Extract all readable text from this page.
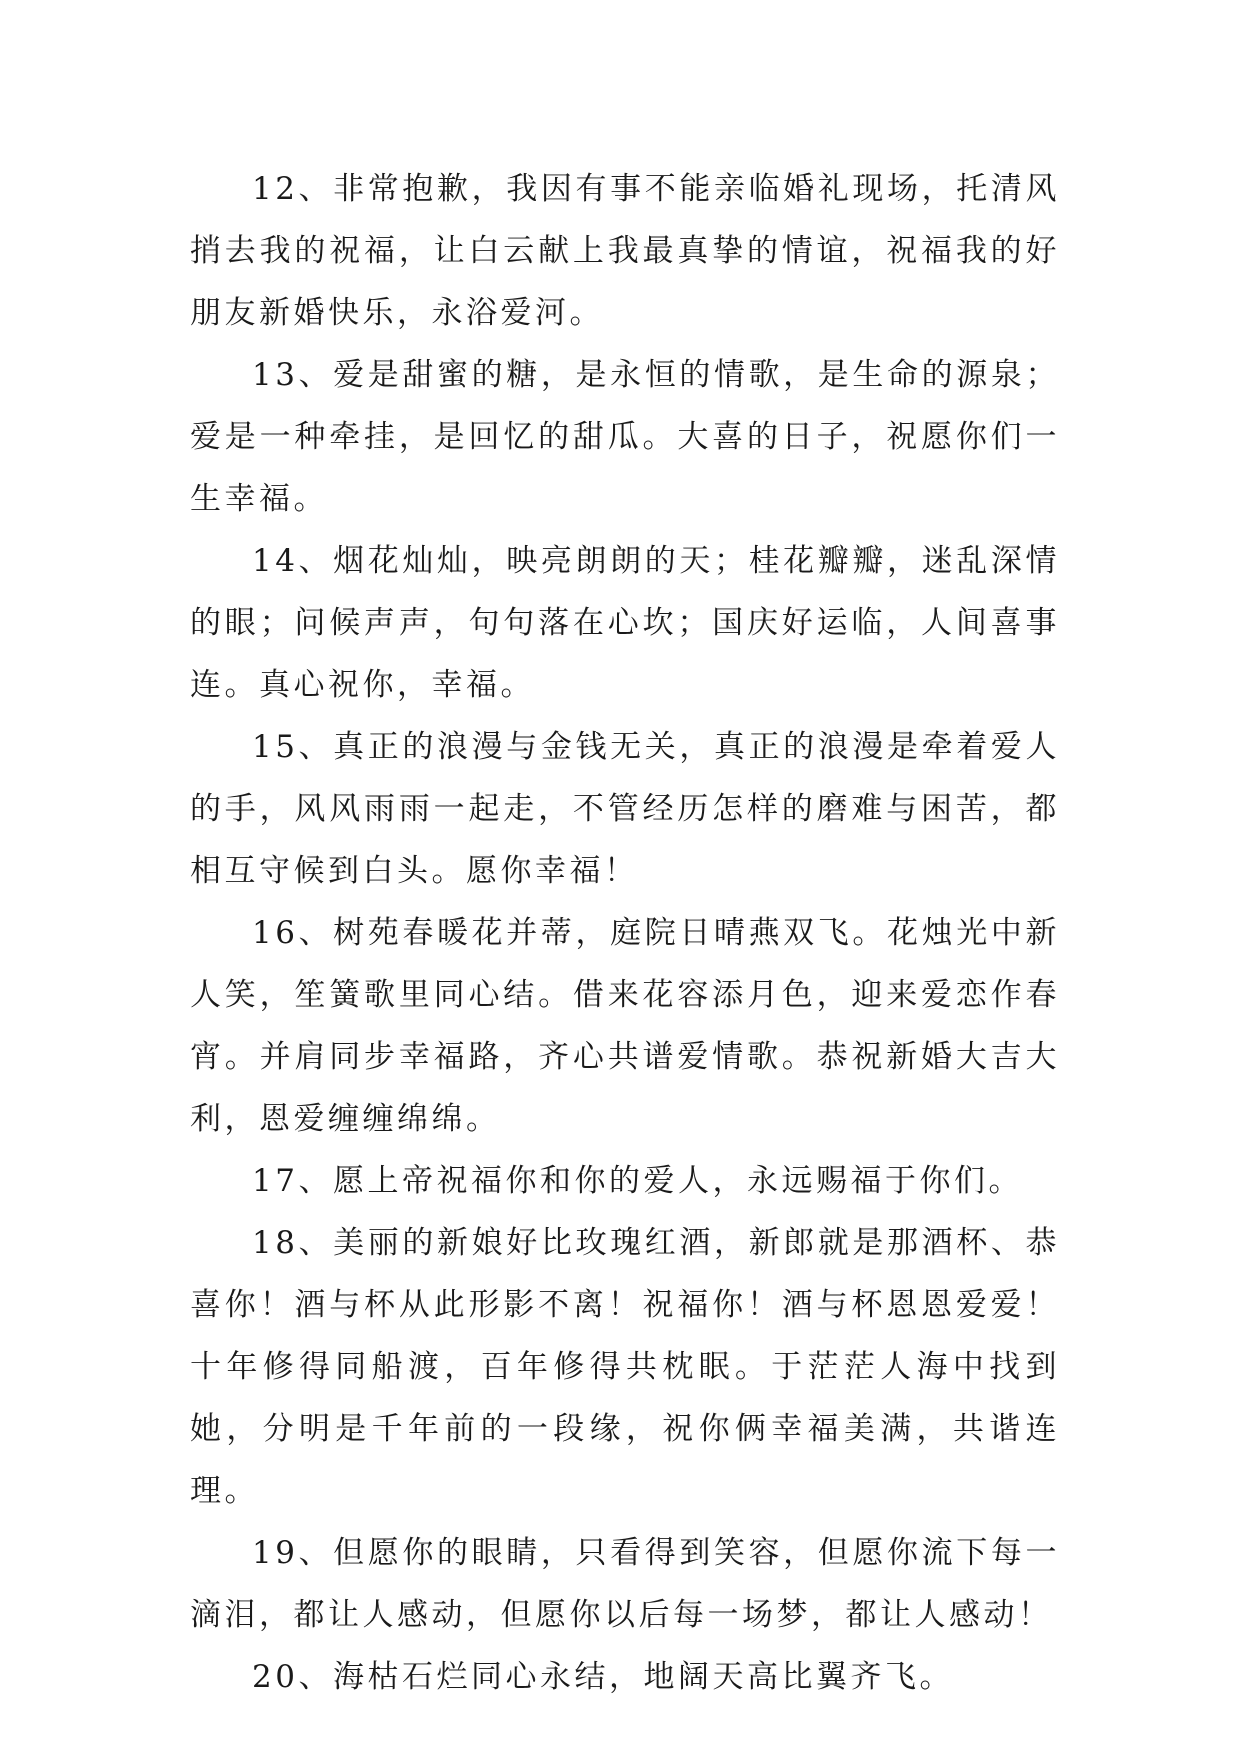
12、非常抱歉，我因有事不能亲临婚礼现场，托清风捎去我的祝福，让白云献上我最真挚的情谊，祝福我的好朋友新婚快乐，永浴爱河。

13、爱是甜蜜的糖，是永恒的情歌，是生命的源泉；爱是一种牵挂，是回忆的甜瓜。大喜的日子，祝愿你们一生幸福。

14、烟花灿灿，映亮朗朗的天；桂花瓣瓣，迷乱深情的眼；问候声声，句句落在心坎；国庆好运临，人间喜事连。真心祝你，幸福。

15、真正的浪漫与金钱无关，真正的浪漫是牵着爱人的手，风风雨雨一起走，不管经历怎样的磨难与困苦，都相互守候到白头。愿你幸福！

16、树苑春暖花并蒂，庭院日晴燕双飞。花烛光中新人笑，笙簧歌里同心结。借来花容添月色，迎来爱恋作春宵。并肩同步幸福路，齐心共谱爱情歌。恭祝新婚大吉大利，恩爱缠缠绵绵。

17、愿上帝祝福你和你的爱人，永远赐福于你们。

18、美丽的新娘好比玫瑰红酒，新郎就是那酒杯、恭喜你！酒与杯从此形影不离！祝福你！酒与杯恩恩爱爱！十年修得同船渡，百年修得共枕眠。于茫茫人海中找到她，分明是千年前的一段缘，祝你俩幸福美满，共谐连理。

19、但愿你的眼睛，只看得到笑容，但愿你流下每一滴泪，都让人感动，但愿你以后每一场梦，都让人感动！

20、海枯石烂同心永结，地阔天高比翼齐飞。
